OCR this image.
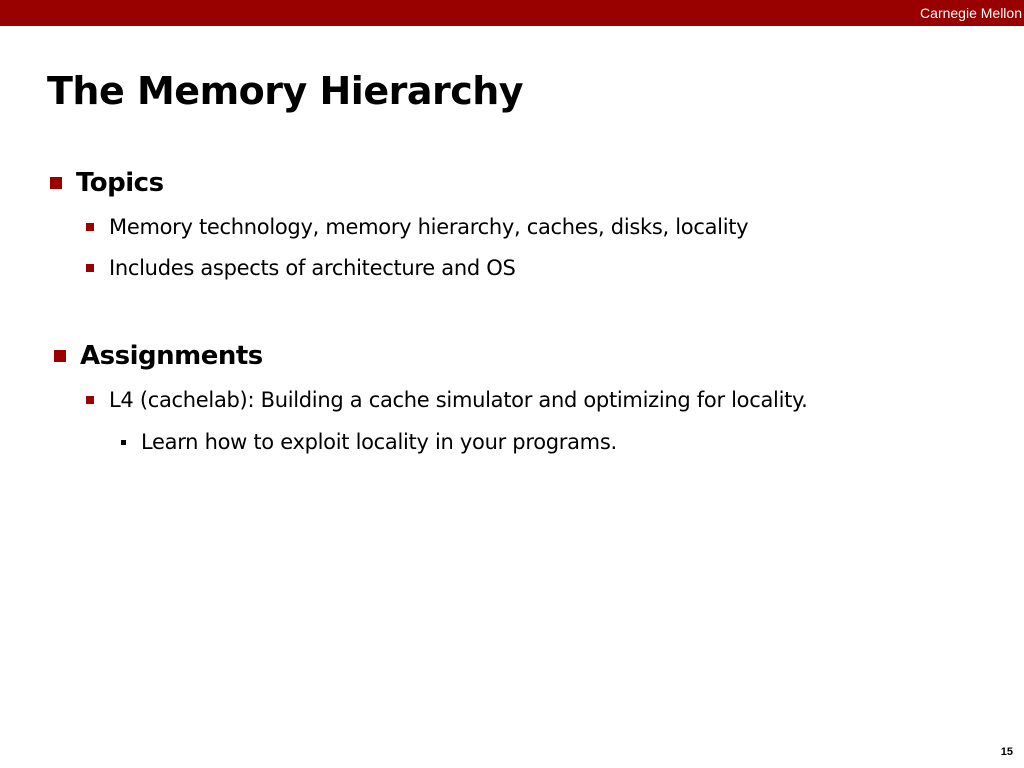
Carnegie Mellon
The Memory Hierarchy
Topics
Memory technology, memory hierarchy, caches, disks, locality
Includes aspects of architecture and OS
Assignments
L4 (cachelab): Building a cache simulator and optimizing for locality.
Learn how to exploit locality in your programs.
15
